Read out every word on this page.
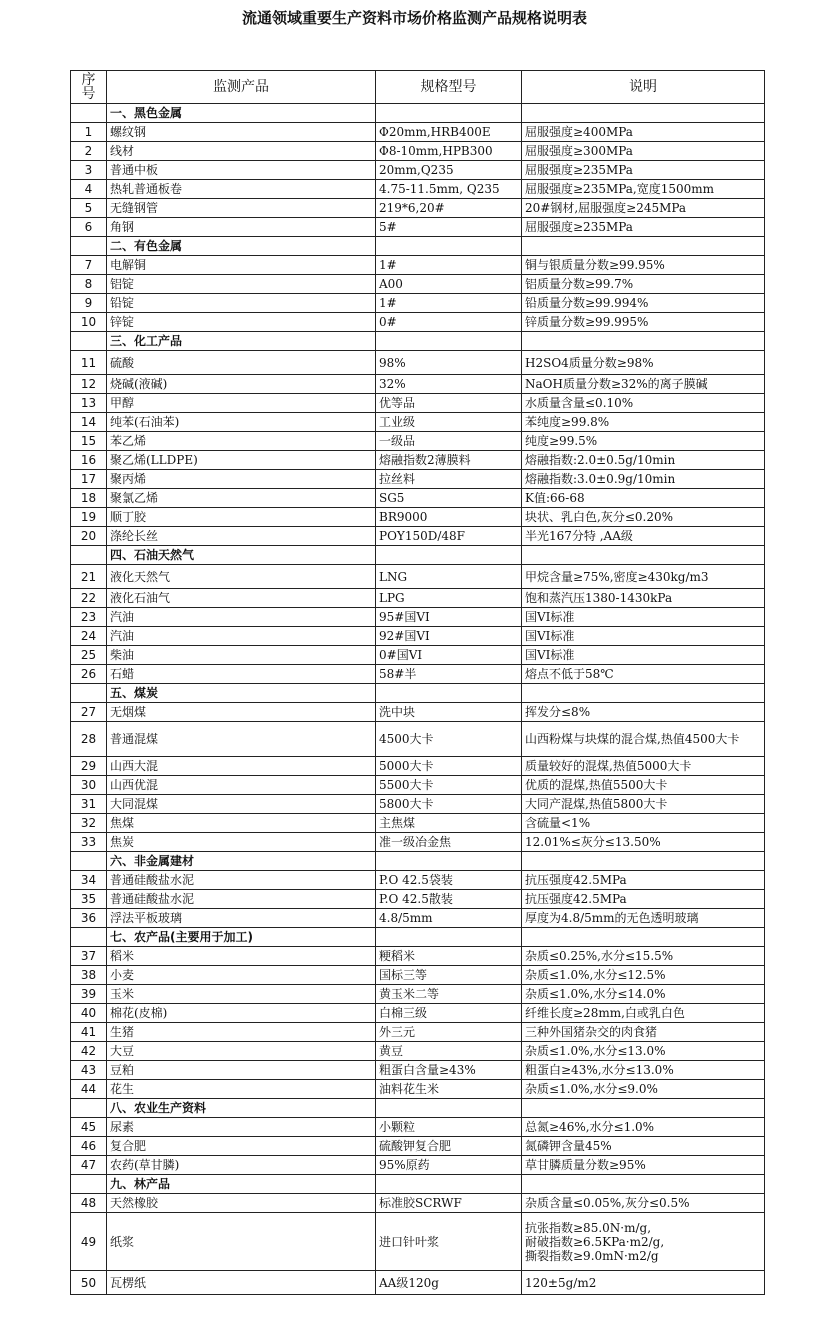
流通领域重要生产资料市场价格监测产品规格说明表
序
号	监测产品	规格型号	说明
	一、黑色金属		
1	螺纹钢	Φ20mm,HRB400E	屈服强度≥400MPa
2	线材	Φ8-10mm,HPB300	屈服强度≥300MPa
3	普通中板	20mm,Q235	屈服强度≥235MPa
4	热轧普通板卷	4.75-11.5mm, Q235	屈服强度≥235MPa,宽度1500mm
5	无缝钢管	219*6,20#	20#钢材,屈服强度≥245MPa
6	角钢	5#	屈服强度≥235MPa
	二、有色金属		
7	电解铜	1#	铜与银质量分数≥99.95%
8	铝锭	A00	铝质量分数≥99.7%
9	铅锭	1#	铅质量分数≥99.994%
10	锌锭	0#	锌质量分数≥99.995%
	三、化工产品		
11	硫酸	98%	H2SO4质量分数≥98%
12	烧碱(液碱)	32%	NaOH质量分数≥32%的离子膜碱
13	甲醇	优等品	水质量含量≤0.10%
14	纯苯(石油苯)	工业级	苯纯度≥99.8%
15	苯乙烯	一级品	纯度≥99.5%
16	聚乙烯(LLDPE)	熔融指数2薄膜料	熔融指数:2.0±0.5g/10min
17	聚丙烯	拉丝料	熔融指数:3.0±0.9g/10min
18	聚氯乙烯	SG5	K值:66-68
19	顺丁胶	BR9000	块状、乳白色,灰分≤0.20%
20	涤纶长丝	POY150D/48F	半光167分特 ,AA级
	四、石油天然气		
21	液化天然气	LNG	甲烷含量≥75%,密度≥430kg/m3
22	液化石油气	LPG	饱和蒸汽压1380-1430kPa
23	汽油	95#国VI	国VI标准
24	汽油	92#国VI	国VI标准
25	柴油	0#国VI	国VI标准
26	石蜡	58#半	熔点不低于58℃
	五、煤炭		
27	无烟煤	洗中块	挥发分≤8%
28	普通混煤	4500大卡	山西粉煤与块煤的混合煤,热值4500大卡
29	山西大混	5000大卡	质量较好的混煤,热值5000大卡
30	山西优混	5500大卡	优质的混煤,热值5500大卡
31	大同混煤	5800大卡	大同产混煤,热值5800大卡
32	焦煤	主焦煤	含硫量<1%
33	焦炭	准一级冶金焦	12.01%≤灰分≤13.50%
	六、非金属建材		
34	普通硅酸盐水泥	P.O 42.5袋装	抗压强度42.5MPa
35	普通硅酸盐水泥	P.O 42.5散装	抗压强度42.5MPa
36	浮法平板玻璃	4.8/5mm	厚度为4.8/5mm的无色透明玻璃
	七、农产品(主要用于加工)		
37	稻米	粳稻米	杂质≤0.25%,水分≤15.5%
38	小麦	国标三等	杂质≤1.0%,水分≤12.5%
39	玉米	黄玉米二等	杂质≤1.0%,水分≤14.0%
40	棉花(皮棉)	白棉三级	纤维长度≥28mm,白或乳白色
41	生猪	外三元	三种外国猪杂交的肉食猪
42	大豆	黄豆	杂质≤1.0%,水分≤13.0%
43	豆粕	粗蛋白含量≥43%	粗蛋白≥43%,水分≤13.0%
44	花生	油料花生米	杂质≤1.0%,水分≤9.0%
	八、农业生产资料		
45	尿素	小颗粒	总氮≥46%,水分≤1.0%
46	复合肥	硫酸钾复合肥	氮磷钾含量45%
47	农药(草甘膦)	95%原药	草甘膦质量分数≥95%
	九、林产品		
48	天然橡胶	标准胶SCRWF	杂质含量≤0.05%,灰分≤0.5%
49	纸浆	进口针叶浆	抗张指数≥85.0N·m/g,
耐破指数≥6.5KPa·m2/g,
撕裂指数≥9.0mN·m2/g

50	瓦楞纸	AA级120g	120±5g/m2
